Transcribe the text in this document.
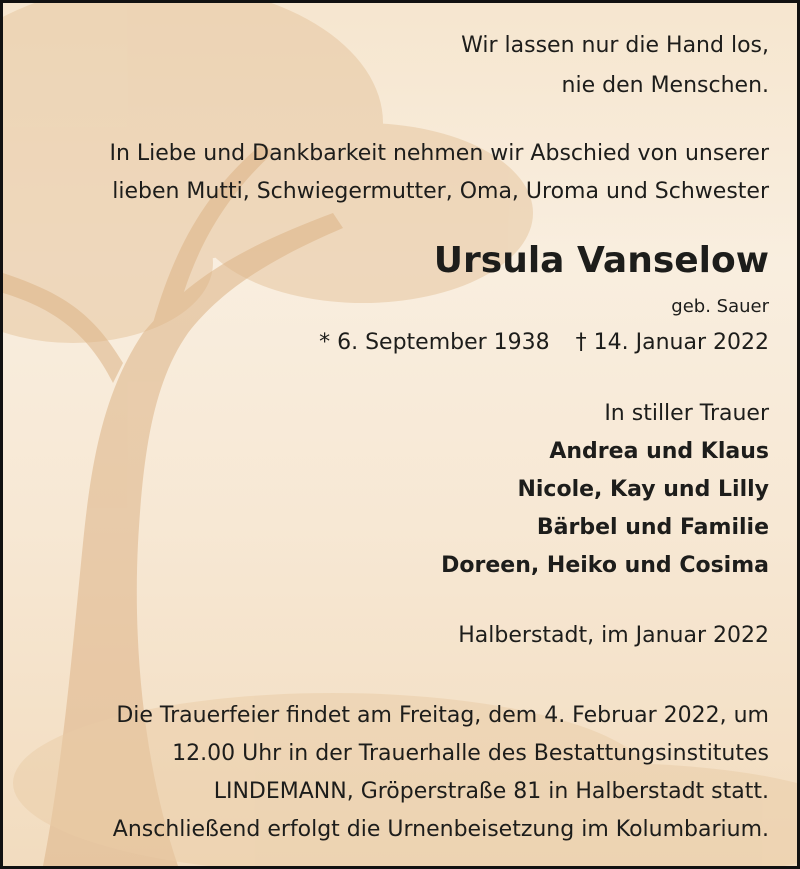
Wir lassen nur die Hand los,
nie den Menschen.
In Liebe und Dankbarkeit nehmen wir Abschied von unserer
lieben Mutti, Schwiegermutter, Oma, Uroma und Schwester
Ursula Vanselow
geb. Sauer
* 6. September 1938 † 14. Januar 2022
In stiller Trauer
Andrea und Klaus
Nicole, Kay und Lilly
Bärbel und Familie
Doreen, Heiko und Cosima
Halberstadt, im Januar 2022
Die Trauerfeier findet am Freitag, dem 4. Februar 2022, um
12.00 Uhr in der Trauerhalle des Bestattungsinstitutes
LINDEMANN, Gröperstraße 81 in Halberstadt statt.
Anschließend erfolgt die Urnenbeisetzung im Kolumbarium.
